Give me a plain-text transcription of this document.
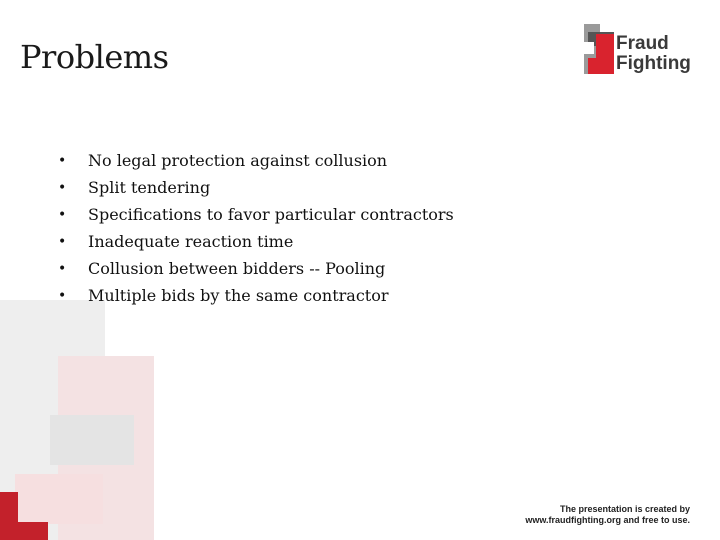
Problems	Fraud
Fighting
• No legal protection against collusion
• Split tendering
• Specifications to favor particular contractors
• Inadequate reaction time
• Collusion between bidders -- Pooling
• Multiple bids by the same contractor
The presentation is created by
www.fraudfighting.org and free to use.
